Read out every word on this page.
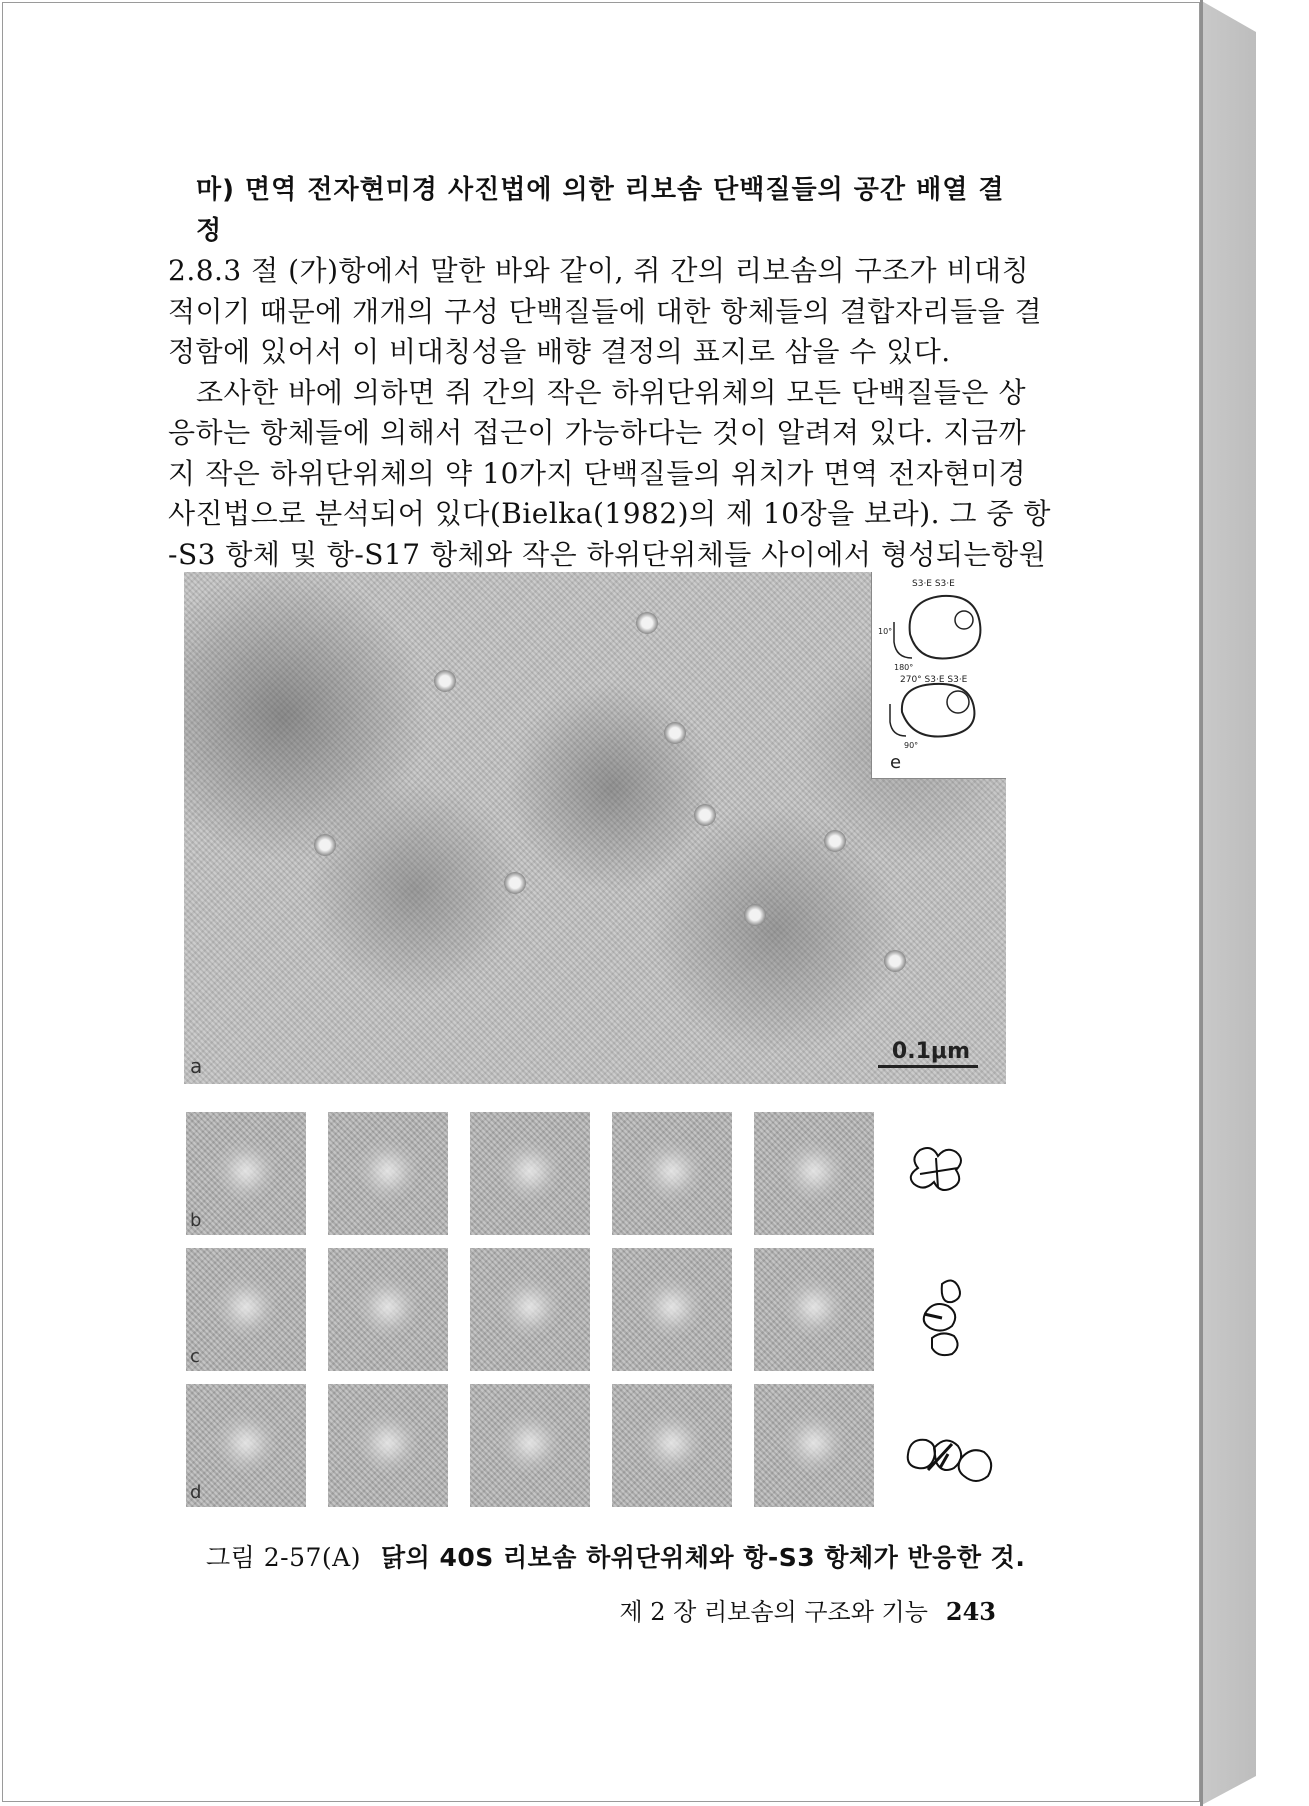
마) 면역 전자현미경 사진법에 의한 리보솜 단백질들의 공간 배열 결정
2.8.3 절 (가)항에서 말한 바와 같이, 쥐 간의 리보솜의 구조가 비대칭
적이기 때문에 개개의 구성 단백질들에 대한 항체들의 결합자리들을 결
정함에 있어서 이 비대칭성을 배향 결정의 표지로 삼을 수 있다.
조사한 바에 의하면 쥐 간의 작은 하위단위체의 모든 단백질들은 상
응하는 항체들에 의해서 접근이 가능하다는 것이 알려져 있다. 지금까
지 작은 하위단위체의 약 10가지 단백질들의 위치가 면역 전자현미경
사진법으로 분석되어 있다(Bielka(1982)의 제 10장을 보라). 그 중 항
-S3 항체 및 항-S17 항체와 작은 하위단위체들 사이에서 형성되는항원
S3·E S3·E
10°
180°
270° S3·E S3·E
90°
e
a
0.1μm
b
c
d
그림 2-57(A) 닭의 40S 리보솜 하위단위체와 항-S3 항체가 반응한 것.
제 2 장 리보솜의 구조와 기능 243
